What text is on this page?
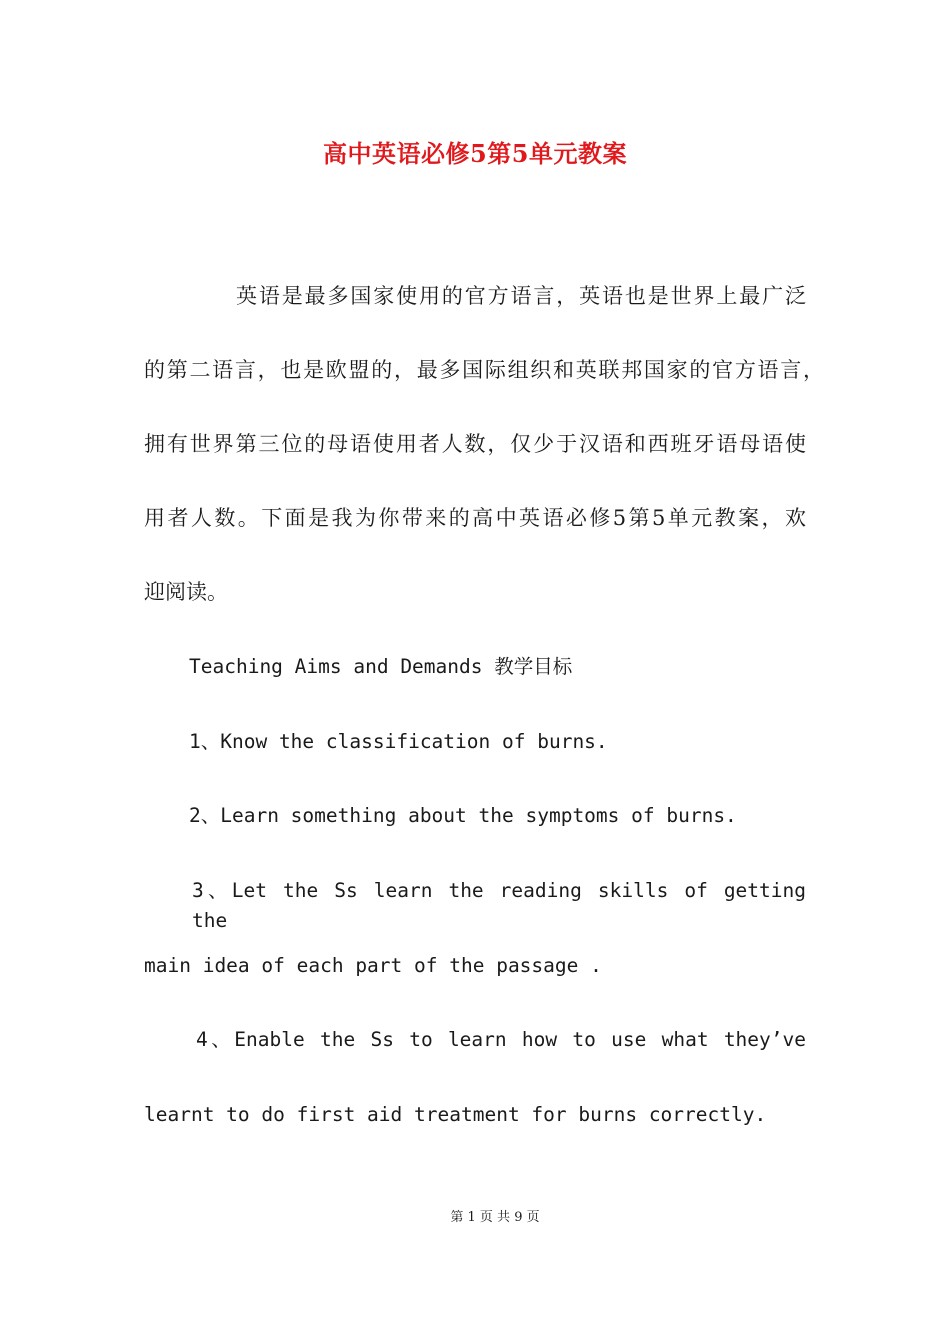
高中英语必修5第5单元教案
英语是最多国家使用的官方语言，英语也是世界上最广泛
的第二语言，也是欧盟的，最多国际组织和英联邦国家的官方语言，
拥有世界第三位的母语使用者人数，仅少于汉语和西班牙语母语使
用者人数。下面是我为你带来的高中英语必修5第5单元教案，欢
迎阅读。
Teaching Aims and Demands 教学目标
1、Know the classification of burns.
2、Learn something about the symptoms of burns.
3、Let the Ss learn the reading skills of getting the
main idea of each part of the passage .
4、Enable the Ss to learn how to use what they’ve
learnt to do first aid treatment for burns correctly.
第 1 页 共 9 页
